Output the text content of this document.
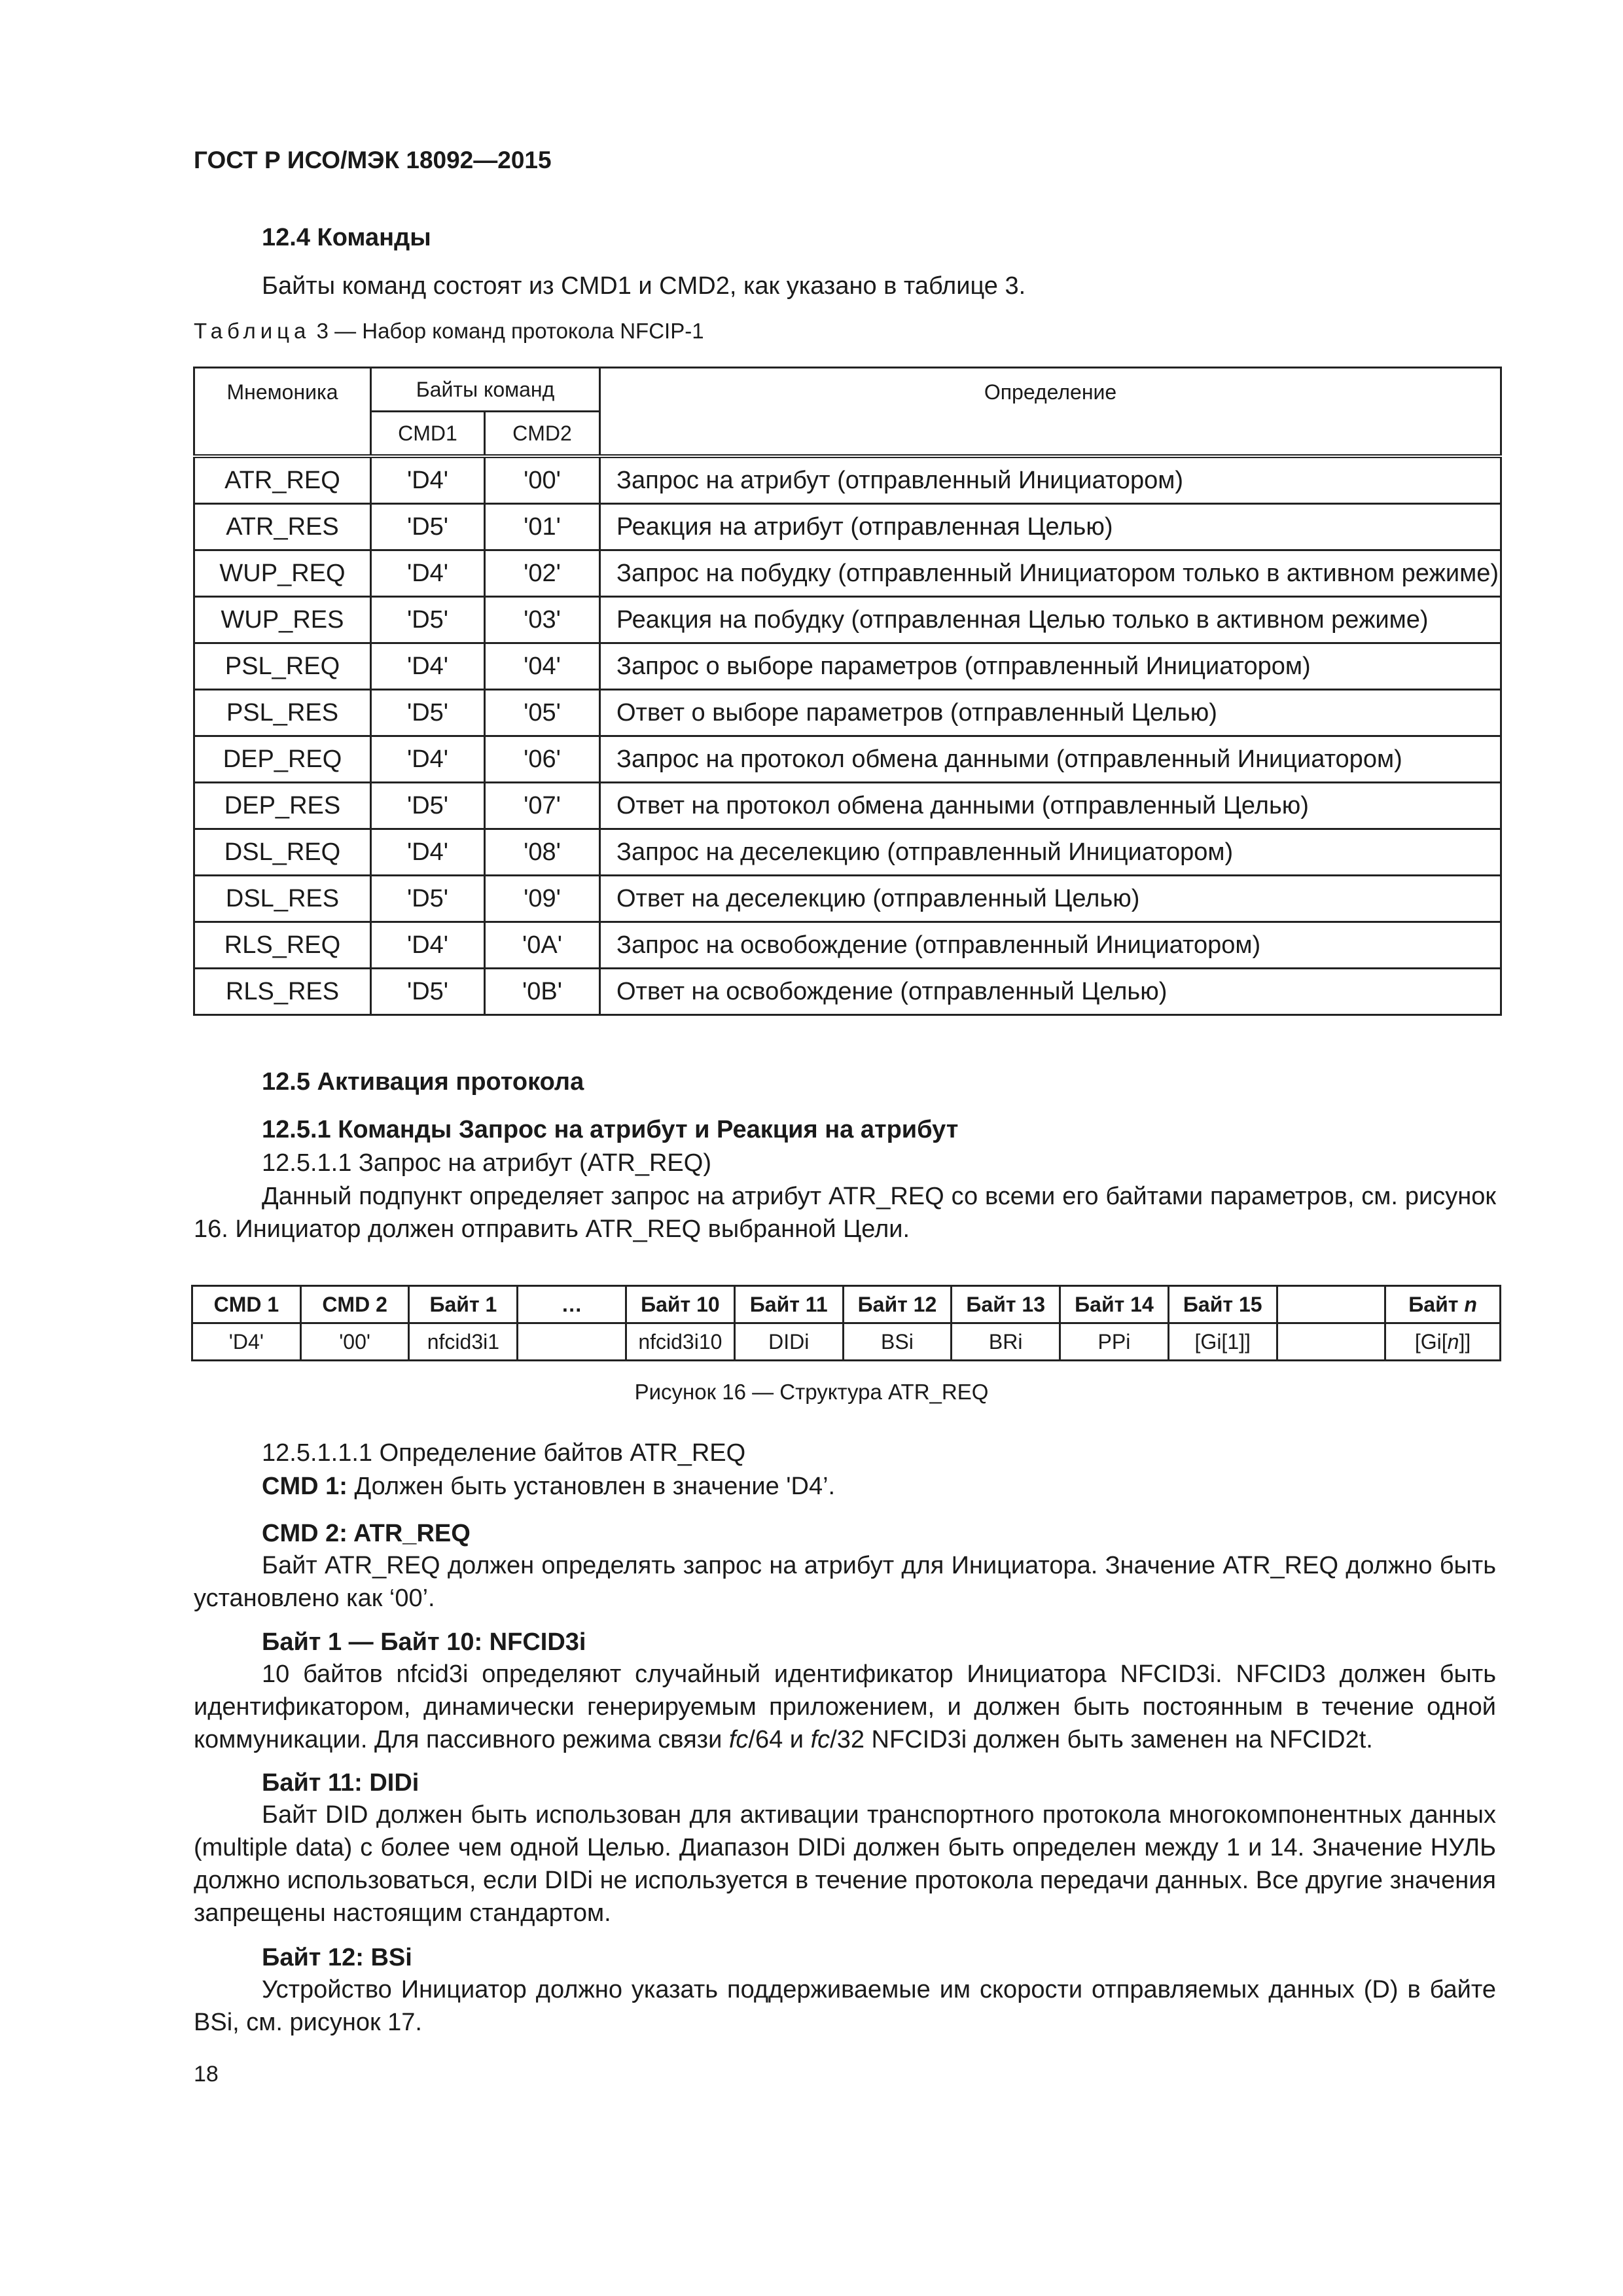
ГОСТ Р ИСО/МЭК 18092—2015
12.4 Команды
Байты команд состоят из CMD1 и CMD2, как указано в таблице 3.
Таблица 3 — Набор команд протокола NFCIP-1
Мнемоника	Байты команд		Определение
	CMD1	CMD2	
ATR_REQ	'D4'	'00'	Запрос на атрибут (отправленный Инициатором)
ATR_RES	'D5'	'01'	Реакция на атрибут (отправленная Целью)
WUP_REQ	'D4'	'02'	Запрос на побудку (отправленный Инициатором только в активном режиме)
WUP_RES	'D5'	'03'	Реакция на побудку (отправленная Целью только в активном режиме)
PSL_REQ	'D4'	'04'	Запрос о выборе параметров (отправленный Инициатором)
PSL_RES	'D5'	'05'	Ответ о выборе параметров (отправленный Целью)
DEP_REQ	'D4'	'06'	Запрос на протокол обмена данными (отправленный Инициатором)
DEP_RES	'D5'	'07'	Ответ на протокол обмена данными (отправленный Целью)
DSL_REQ	'D4'	'08'	Запрос на деселекцию (отправленный Инициатором)
DSL_RES	'D5'	'09'	Ответ на деселекцию (отправленный Целью)
RLS_REQ	'D4'	'0A'	Запрос на освобождение (отправленный Инициатором)
RLS_RES	'D5'	'0B'	Ответ на освобождение (отправленный Целью)
12.5 Активация протокола
12.5.1 Команды Запрос на атрибут и Реакция на атрибут
12.5.1.1 Запрос на атрибут (ATR_REQ)
Данный подпункт определяет запрос на атрибут ATR_REQ со всеми его байтами параметров, см. рисунок 16. Инициатор должен отправить ATR_REQ выбранной Цели.
CMD 1	CMD 2	Байт 1	…	Байт 10	Байт 11	Байт 12	Байт 13	Байт 14	Байт 15		Байт n
'D4'	'00'	nfcid3i1		nfcid3i10	DIDi	BSi	BRi	PPi	[Gi[1]]		[Gi[n]]
Рисунок 16 — Структура ATR_REQ
12.5.1.1.1 Определение байтов ATR_REQ
CMD 1: Должен быть установлен в значение 'D4’.
CMD 2: ATR_REQ
Байт ATR_REQ должен определять запрос на атрибут для Инициатора. Значение ATR_REQ должно быть установлено как ‘00’.
Байт 1 — Байт 10: NFCID3i
10 байтов nfcid3i определяют случайный идентификатор Инициатора NFCID3i. NFCID3 должен быть идентификатором, динамически генерируемым приложением, и должен быть постоянным в течение одной коммуникации. Для пассивного режима связи fc/64 и fc/32 NFCID3i должен быть заменен на NFCID2t.
Байт 11: DIDi
Байт DID должен быть использован для активации транспортного протокола многокомпонентных данных (multiple data) с более чем одной Целью. Диапазон DIDi должен быть определен между 1 и 14. Значение НУЛЬ должно использоваться, если DIDi не используется в течение протокола передачи данных. Все другие значения запрещены настоящим стандартом.
Байт 12: BSi
Устройство Инициатор должно указать поддерживаемые им скорости отправляемых данных (D) в байте BSi, см. рисунок 17.
18
